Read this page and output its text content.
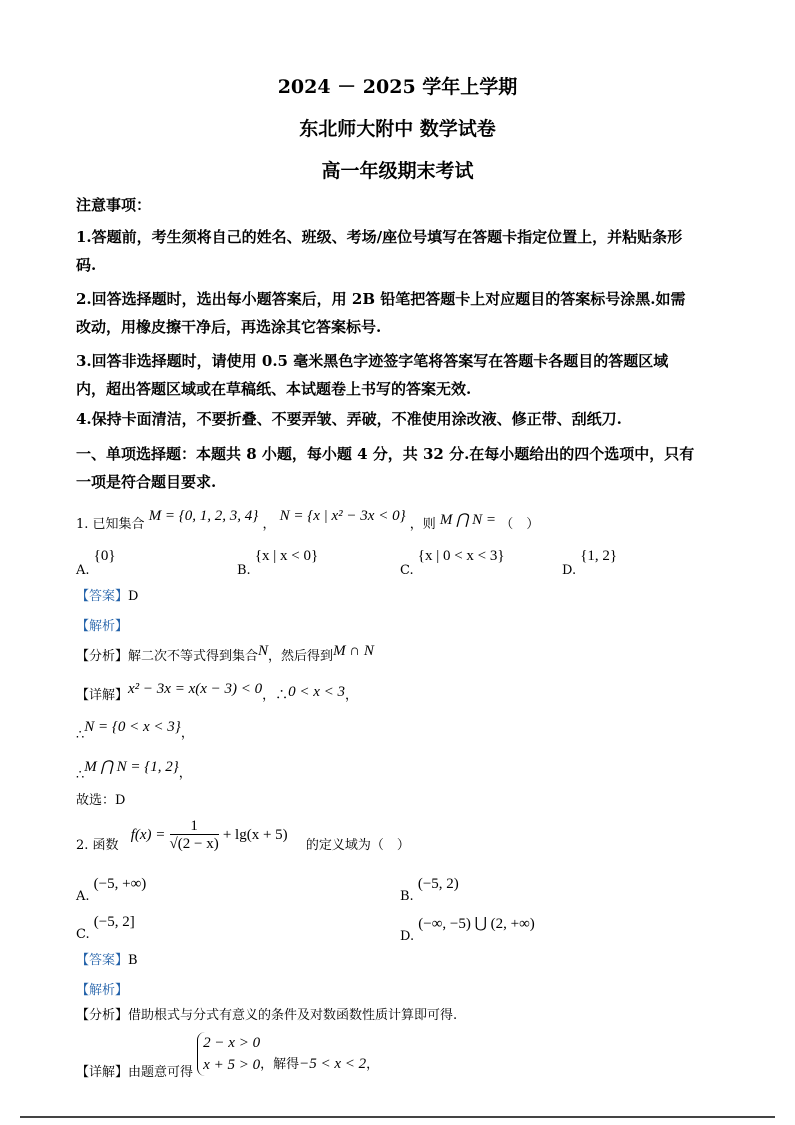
2024 － 2025 学年上学期
东北师大附中 数学试卷
高一年级期末考试
注意事项：
1.答题前，考生须将自己的姓名、班级、考场/座位号填写在答题卡指定位置上，并粘贴条形
码.
2.回答选择题时，选出每小题答案后，用 2B 铅笔把答题卡上对应题目的答案标号涂黑.如需
改动，用橡皮擦干净后，再选涂其它答案标号.
3.回答非选择题时，请使用 0.5 毫米黑色字迹签字笔将答案写在答题卡各题目的答题区域
内，超出答题区域或在草稿纸、本试题卷上书写的答案无效.
4.保持卡面清洁，不要折叠、不要弄皱、弄破，不准使用涂改液、修正带、刮纸刀.
一、单项选择题：本题共 8 小题，每小题 4 分，共 32 分.在每小题给出的四个选项中，只有
一项是符合题目要求.
1. 已知集合 M = {0, 1, 2, 3, 4} ， N = {x | x² − 3x < 0} ，则 M ⋂ N = （　）
A. {0}
B. {x | x < 0}
C. {x | 0 < x < 3}
D. {1, 2}
【答案】D
【解析】
【分析】解二次不等式得到集合N，然后得到M ∩ N
【详解】x² − 3x = x(x − 3) < 0，∴0 < x < 3，
∴N = {0 < x < 3}，
∴M ⋂ N = {1, 2}，
故选：D
2. 函数 $f(x) = \frac{1}{√(2 - x)} + \lg(x + 5)$ 的定义域为（　）
A. (−5, +∞)
B. (−5, 2)
C. (−5, 2]
D. (−∞, −5) ⋃ (2, +∞)
【答案】B
【解析】
【分析】借助根式与分式有意义的条件及对数函数性质计算即可得.
【详解】由题意可得
2 − x > 0
x + 5 > 0 ，解得−5 < x < 2，
